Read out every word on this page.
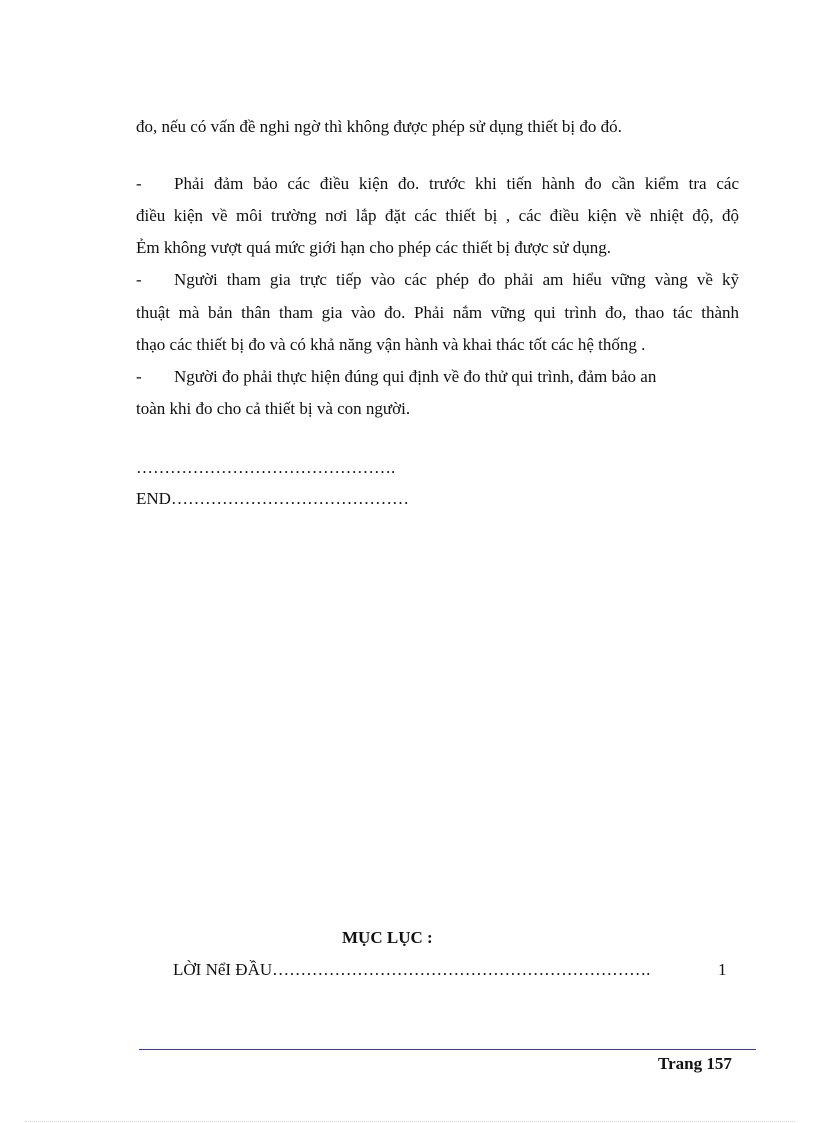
đo, nếu có vấn đề nghi ngờ thì không được phép sử dụng thiết bị đo đó.
- Phải đảm bảo các điều kiện đo. trước khi tiến hành đo cần kiểm tra các
điều kiện về môi trường nơi lắp đặt các thiết bị , các điều kiện về nhiệt độ, độ
Ẻm không vượt quá mức giới hạn cho phép các thiết bị được sử dụng.
- Người tham gia trực tiếp vào các phép đo phải am hiểu vững vàng về kỹ
thuật mà bản thân tham gia vào đo. Phải nắm vững qui trình đo, thao tác thành
thạo các thiết bị đo và có khả năng vận hành và khai thác tốt các hệ thống .
- Người đo phải thực hiện đúng qui định về đo thử qui trình, đảm bảo an
toàn khi đo cho cả thiết bị và con người.
……………………………………….
END……………………………………
MỤC LỤC :
LỜI NểI ĐẦU………………………………………………………….	1
Trang 157
